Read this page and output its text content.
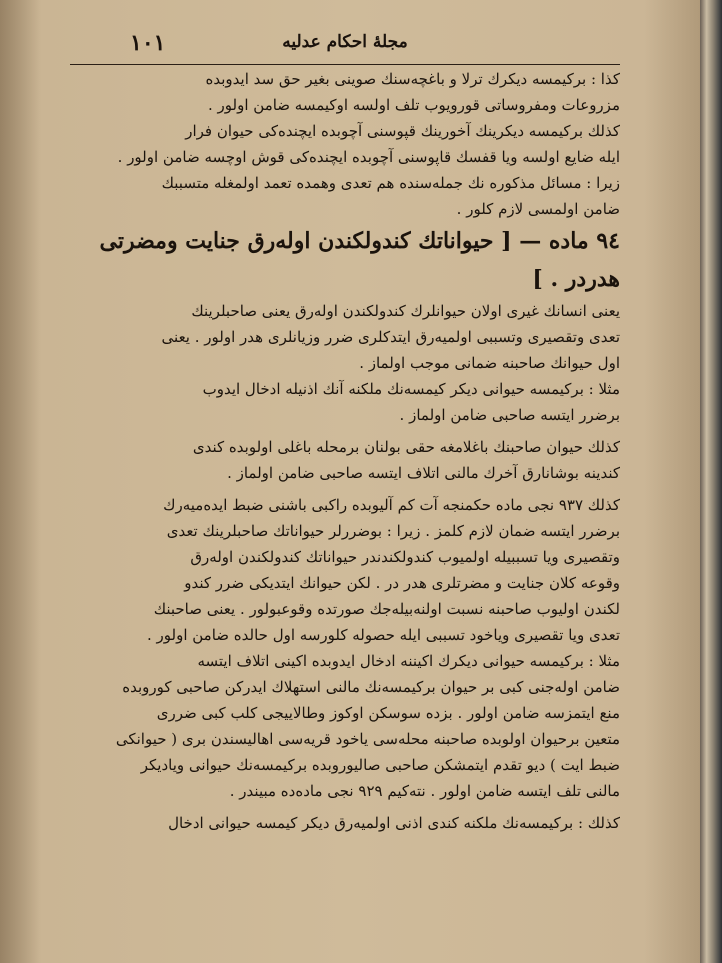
١٠١	مجلهٔ احکام عدلیه
کذا : برکیمسه دیکرك ترلا و باغچه‌سنك صوینی بغیر حق سد ایدوبده
مزروعات ومفروساتی قورویوب تلف اولسه اوکیمسه ضامن اولور .
کذلك برکیمسه دیکرینك آخورینك قپوسنی آچوبده ایچنده‌کی حیوان فرار
ایله ضایع اولسه ویا قفسك قاپوسنی آچوبده ایچنده‌کی قوش اوچسه ضامن اولور .
زیرا : مسائل مذکوره نك جمله‌سنده هم تعدی وهمده تعمد اولمغله متسببك
ضامن اولمسی لازم کلور .
٩٤ ماده — [ حیواناتك کندولکندن اوله‌رق جنایت ومضرتی
هدردر . ]
یعنی انسانك غیری اولان حیوانلرك کندولکندن اوله‌رق یعنی صاحبلرینك
تعدی وتقصیری وتسببی اولمیه‌رق ایتدکلری ضرر وزیانلری هدر اولور . یعنی
اول حیوانك صاحبنه ضمانی موجب اولماز .
مثلا : برکیمسه حیوانی دیکر کیمسه‌نك ملکنه آنك اذنیله ادخال ایدوب
برضرر ایتسه صاحبی ضامن اولماز .
کذلك حیوان صاحبنك باغلامغه حقی بولنان برمحله باغلی اولوبده کندی
کندینه بوشانارق آخرك مالنی اتلاف ایتسه صاحبی ضامن اولماز .
کذلك ٩٣٧ نجی ماده حکمنجه آت کم آلیوبده راکبی باشنی ضبط ایده‌میه‌رك
برضرر ایتسه ضمان لازم کلمز . زیرا : بوضررلر حیواناتك صاحبلرینك تعدی
وتقصیری ویا تسببیله اولمیوب کندولکندندر حیواناتك کندولکندن اوله‌رق
وقوعه کلان جنایت و مضرتلری هدر در . لکن حیوانك ایتدیکی ضرر کندو
لکندن اولیوب صاحبنه نسبت اولنه‌بیله‌جك صورتده وقوعبولور . یعنی صاحبنك
تعدی ویا تقصیری ویاخود تسببی ایله حصوله کلورسه اول حالده ضامن اولور .
مثلا : برکیمسه حیوانی دیکرك اکیننه ادخال ایدوبده اکینی اتلاف ایتسه
ضامن اوله‌جنی کبی بر حیوان برکیمسه‌نك مالنی استهلاك ایدرکن صاحبی کوروبده
منع ایتمزسه ضامن اولور . بزده سوسکن اوکوز وطالاییجی کلب کبی ضرری
متعین برحیوان اولوبده صاحبنه محله‌سی یاخود قریه‌سی اهالیسندن بری ( حیوانکی
ضبط ایت ) دیو تقدم ایتمشکن صاحبی صالیوروبده برکیمسه‌نك حیوانی ویادیکر
مالنی تلف ایتسه ضامن اولور . نته‌کیم ٩٢٩ نجی ماده‌ده مبیندر .
کذلك : برکیمسه‌نك ملکنه کندی اذنی اولمیه‌رق دیکر کیمسه حیوانی ادخال
